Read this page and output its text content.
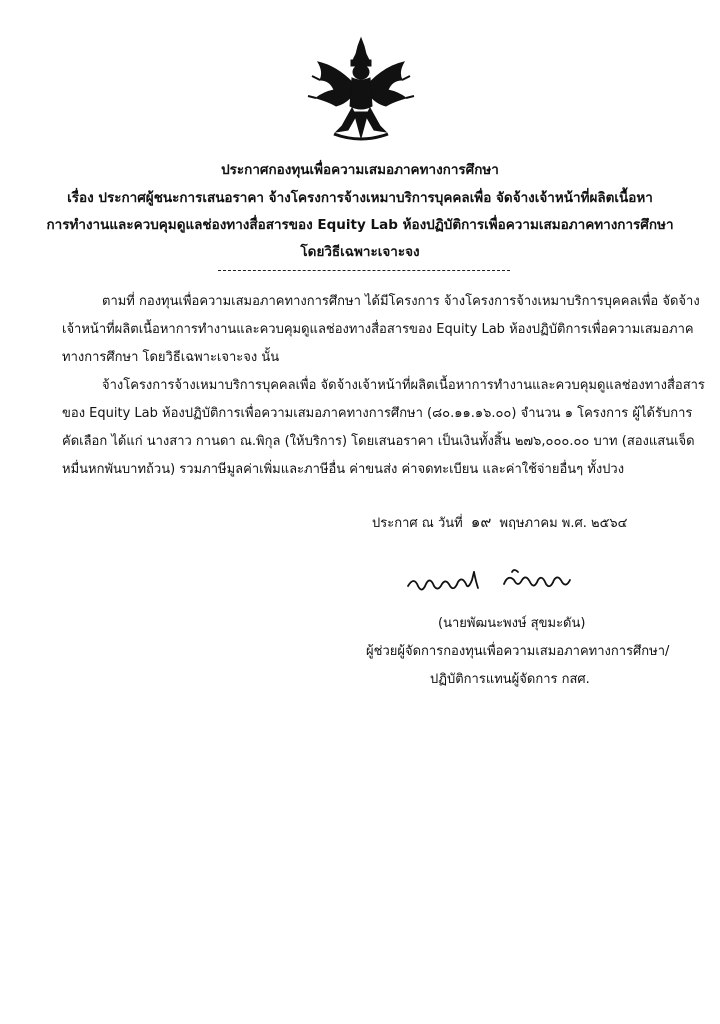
ประกาศกองทุนเพื่อความเสมอภาคทางการศึกษา
เรื่อง ประกาศผู้ชนะการเสนอราคา จ้างโครงการจ้างเหมาบริการบุคคลเพื่อ จัดจ้างเจ้าหน้าที่ผลิตเนื้อหา
การทำงานและควบคุมดูแลช่องทางสื่อสารของ Equity Lab ห้องปฏิบัติการเพื่อความเสมอภาคทางการศึกษา
โดยวิธีเฉพาะเจาะจง
ตามที่ กองทุนเพื่อความเสมอภาคทางการศึกษา ได้มีโครงการ จ้างโครงการจ้างเหมาบริการบุคคลเพื่อ จัดจ้าง
เจ้าหน้าที่ผลิตเนื้อหาการทำงานและควบคุมดูแลช่องทางสื่อสารของ Equity Lab ห้องปฏิบัติการเพื่อความเสมอภาค
ทางการศึกษา โดยวิธีเฉพาะเจาะจง นั้น
จ้างโครงการจ้างเหมาบริการบุคคลเพื่อ จัดจ้างเจ้าหน้าที่ผลิตเนื้อหาการทำงานและควบคุมดูแลช่องทางสื่อสาร
ของ Equity Lab ห้องปฏิบัติการเพื่อความเสมอภาคทางการศึกษา (๘๐.๑๑.๑๖.๐๐) จำนวน ๑ โครงการ ผู้ได้รับการ
คัดเลือก ได้แก่ นางสาว กานดา ณ.พิกุล (ให้บริการ) โดยเสนอราคา เป็นเงินทั้งสิ้น ๒๗๖,๐๐๐.๐๐ บาท (สองแสนเจ็ด
หมื่นหกพันบาทถ้วน) รวมภาษีมูลค่าเพิ่มและภาษีอื่น ค่าขนส่ง ค่าจดทะเบียน และค่าใช้จ่ายอื่นๆ ทั้งปวง
ประกาศ ณ วันที่ ๑๙ พฤษภาคม พ.ศ. ๒๕๖๔
(นายพัฒนะพงษ์ สุขมะดัน)
ผู้ช่วยผู้จัดการกองทุนเพื่อความเสมอภาคทางการศึกษา/
ปฏิบัติการแทนผู้จัดการ กสศ.
